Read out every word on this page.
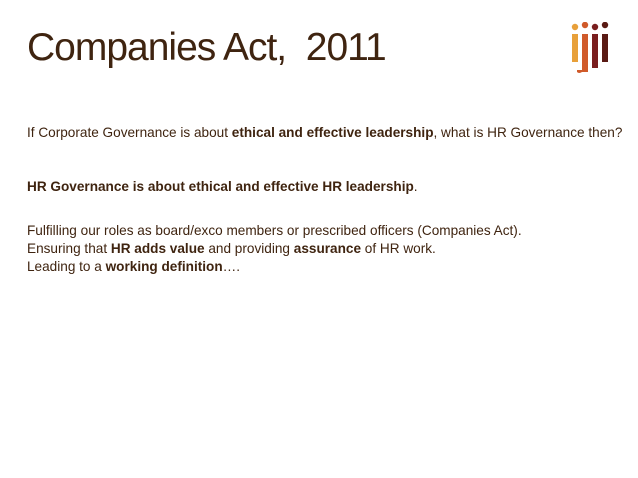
Companies Act,  2011

If Corporate Governance is about ethical and effective leadership, what is HR Governance then?

HR Governance is about ethical and effective HR leadership.

Fulfilling our roles as board/exco members or prescribed officers (Companies Act).
Ensuring that HR adds value and providing assurance of HR work.
Leading to a working definition….
